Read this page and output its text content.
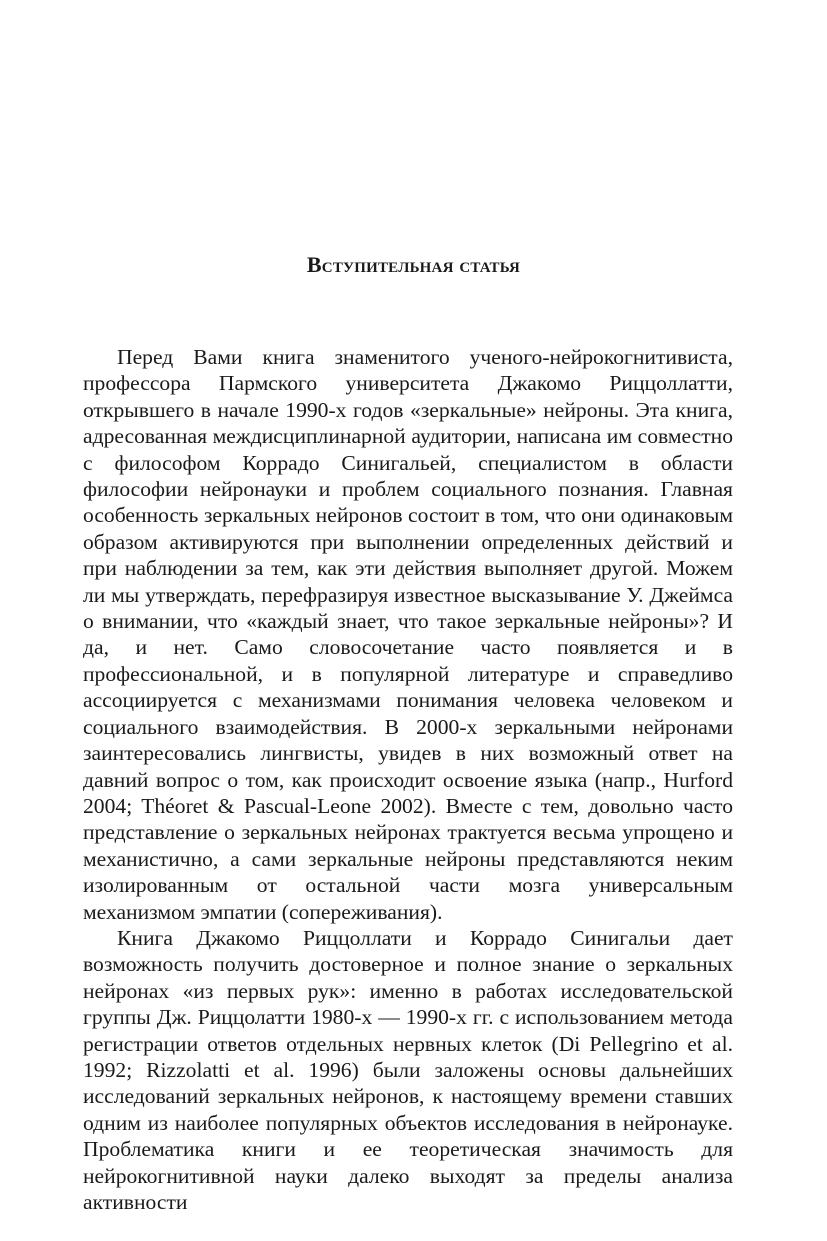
Вступительная статья

Перед Вами книга знаменитого ученого-нейрокогнитивиста, профессора Пармского университета Джакомо Риццоллатти, открывшего в начале 1990-х годов «зеркальные» нейроны. Эта книга, адресованная междисциплинарной аудитории, написана им совместно с философом Коррадо Синигальей, специалистом в области философии нейронауки и проблем социального познания. Главная особенность зеркальных нейронов состоит в том, что они одинаковым образом активируются при выполнении определенных действий и при наблюдении за тем, как эти действия выполняет другой. Можем ли мы утверждать, перефразируя известное высказывание У. Джеймса о внимании, что «каждый знает, что такое зеркальные нейроны»? И да, и нет. Само словосочетание часто появляется и в профессиональной, и в популярной литературе и справедливо ассоциируется с механизмами понимания человека человеком и социального взаимодействия. В 2000-х зеркальными нейронами заинтересовались лингвисты, увидев в них возможный ответ на давний вопрос о том, как происходит освоение языка (напр., Hurford 2004; Théoret & Pascual-Leone 2002). Вместе с тем, довольно часто представление о зеркальных нейронах трактуется весьма упрощено и механистично, а сами зеркальные нейроны представляются неким изолированным от остальной части мозга универсальным механизмом эмпатии (сопереживания).

Книга Джакомо Риццоллати и Коррадо Синигальи дает возможность получить достоверное и полное знание о зеркальных нейронах «из первых рук»: именно в работах исследовательской группы Дж. Риццолатти 1980-х — 1990-х гг. с использованием метода регистрации ответов отдельных нервных клеток (Di Pellegrino et al. 1992; Rizzolatti et al. 1996) были заложены основы дальнейших исследований зеркальных нейронов, к настоящему времени ставших одним из наиболее популярных объектов исследования в нейронауке. Проблематика книги и ее теоретическая значимость для нейрокогнитивной науки далеко выходят за пределы анализа активности
